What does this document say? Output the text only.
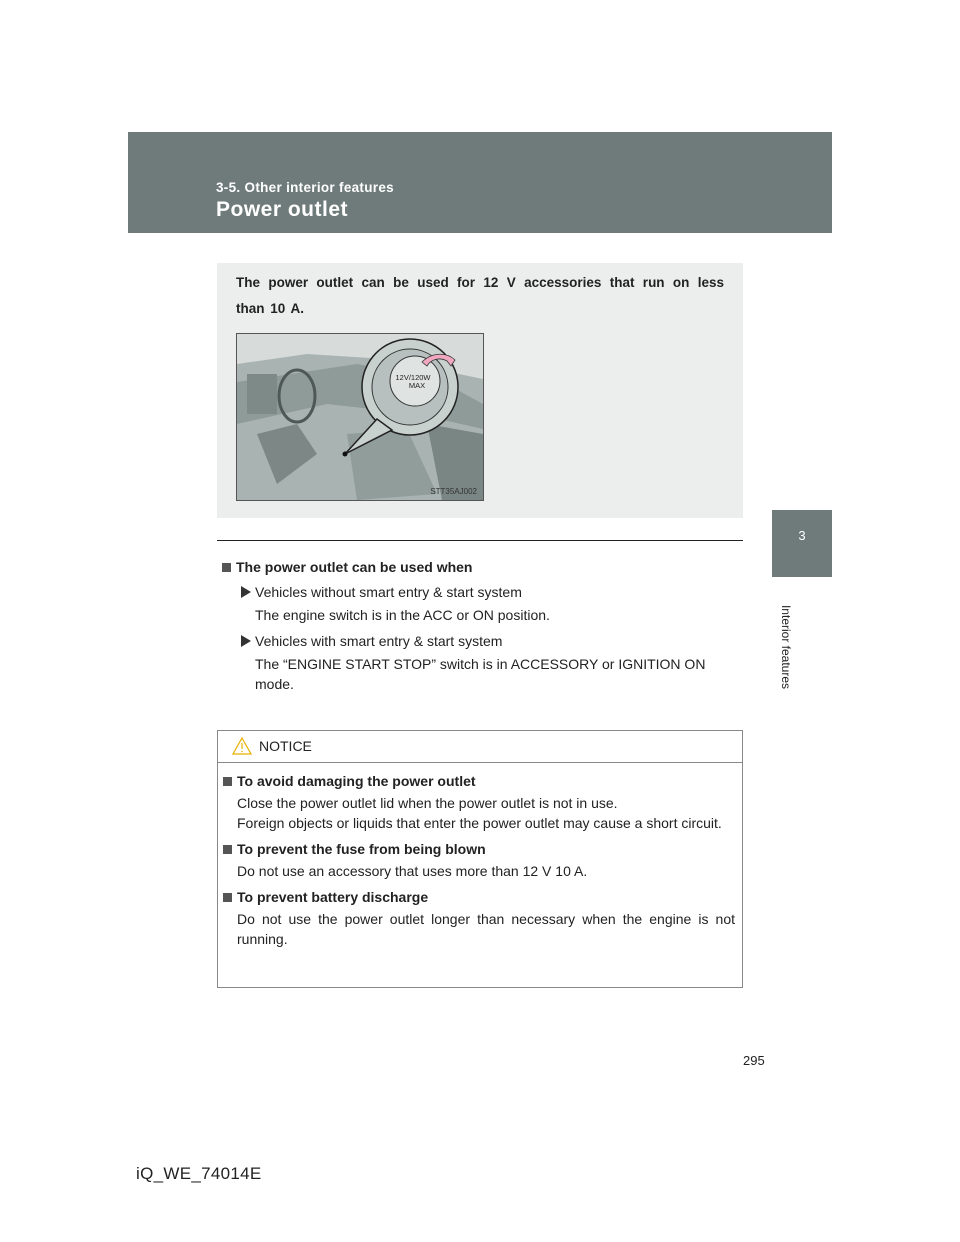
3-5. Other interior features
Power outlet
3
Interior features
The power outlet can be used for 12 V accessories that run on less than 10 A.
12V/120W
MAX
STT35AJ002
The power outlet can be used when
Vehicles without smart entry & start system
The engine switch is in the ACC or ON position.
Vehicles with smart entry & start system
The “ENGINE START STOP” switch is in ACCESSORY or IGNITION ON mode.
NOTICE
To avoid damaging the power outlet
Close the power outlet lid when the power outlet is not in use.
Foreign objects or liquids that enter the power outlet may cause a short circuit.
To prevent the fuse from being blown
Do not use an accessory that uses more than 12 V 10 A.
To prevent battery discharge
Do not use the power outlet longer than necessary when the engine is not running.
295
iQ_WE_74014E
